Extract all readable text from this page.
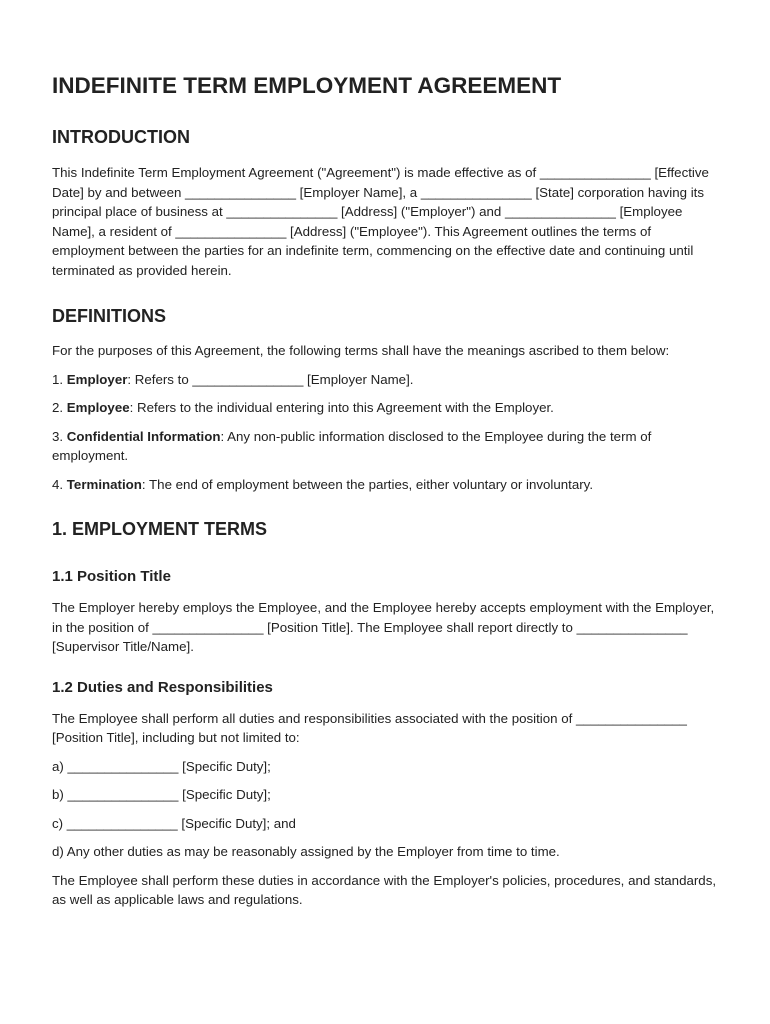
INDEFINITE TERM EMPLOYMENT AGREEMENT
INTRODUCTION

This Indefinite Term Employment Agreement ("Agreement") is made effective as of _______________ [Effective Date] by and between _______________ [Employer Name], a _______________ [State] corporation having its principal place of business at _______________ [Address] ("Employer") and _______________ [Employee Name], a resident of _______________ [Address] ("Employee"). This Agreement outlines the terms of employment between the parties for an indefinite term, commencing on the effective date and continuing until terminated as provided herein.

DEFINITIONS

For the purposes of this Agreement, the following terms shall have the meanings ascribed to them below:

1. Employer: Refers to _______________ [Employer Name].

2. Employee: Refers to the individual entering into this Agreement with the Employer.

3. Confidential Information: Any non-public information disclosed to the Employee during the term of employment.

4. Termination: The end of employment between the parties, either voluntary or involuntary.

1. EMPLOYMENT TERMS
1.1 Position Title

The Employer hereby employs the Employee, and the Employee hereby accepts employment with the Employer, in the position of _______________ [Position Title]. The Employee shall report directly to _______________ [Supervisor Title/Name].

1.2 Duties and Responsibilities

The Employee shall perform all duties and responsibilities associated with the position of _______________ [Position Title], including but not limited to:

a) _______________ [Specific Duty];

b) _______________ [Specific Duty];

c) _______________ [Specific Duty]; and

d) Any other duties as may be reasonably assigned by the Employer from time to time.

The Employee shall perform these duties in accordance with the Employer's policies, procedures, and standards, as well as applicable laws and regulations.
